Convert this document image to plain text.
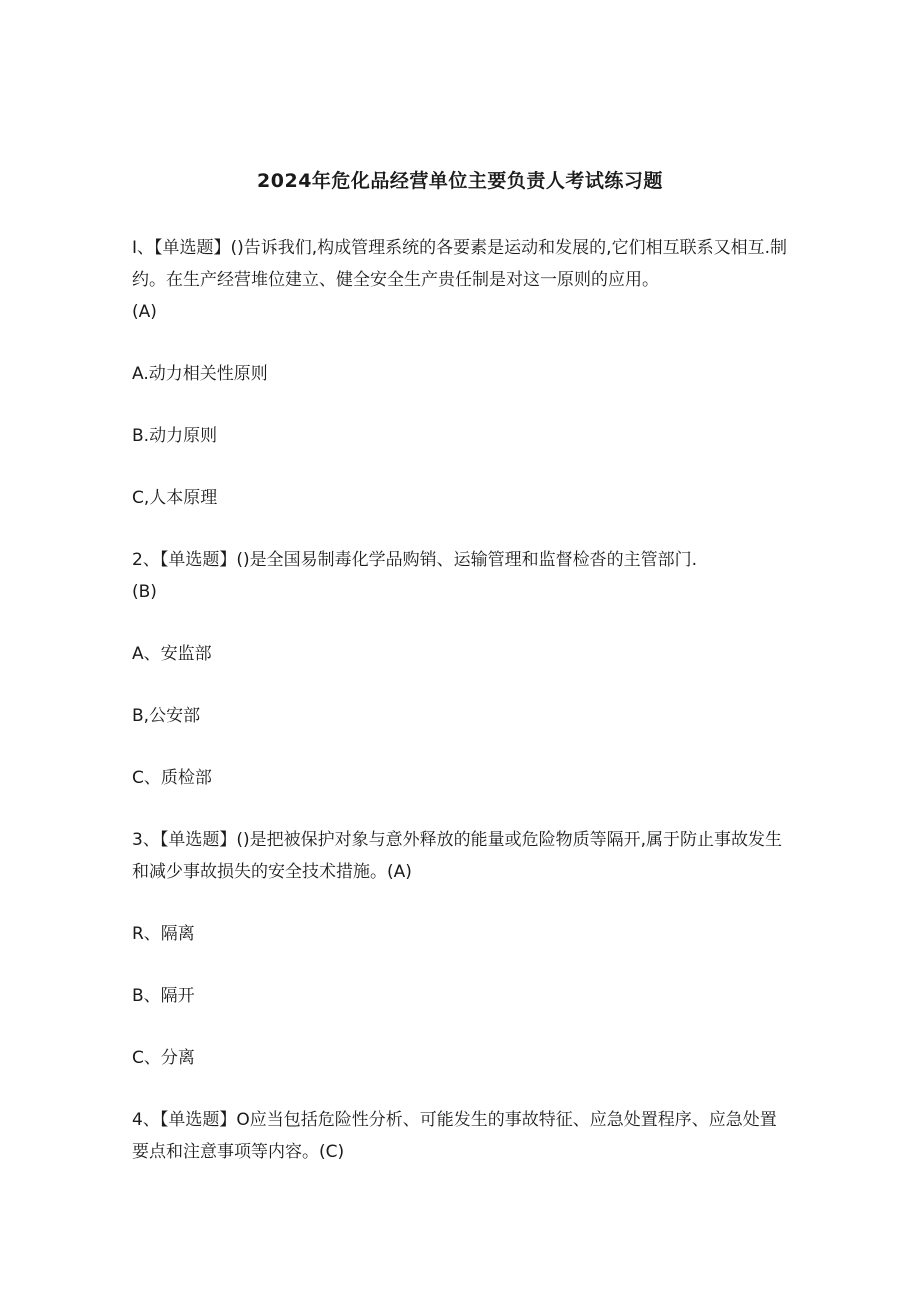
2024年危化品经营单位主要负责人考试练习题

I、【单选题】()告诉我们,构成管理系统的各要素是运动和发展的,它们相互联系又相互.制约。在生产经营堆位建立、健全安全生产贵任制是对这一原则的应用。
(A)

A.动力相关性原则

B.动力原则

C,人本原理

2、【单选题】()是全国易制毒化学品购销、运输管理和监督检沓的主管部门.
(B)

A、安监部

B,公安部

C、质检部

3、【单选题】()是把被保护对象与意外释放的能量或危险物质等隔开,属于防止事故发生和减少事故损失的安全技术措施。(A)

R、隔离

B、隔开

C、分离

4、【单选题】O应当包括危险性分析、可能发生的事故特征、应急处置程序、应急处置要点和注意事项等内容。(C)
